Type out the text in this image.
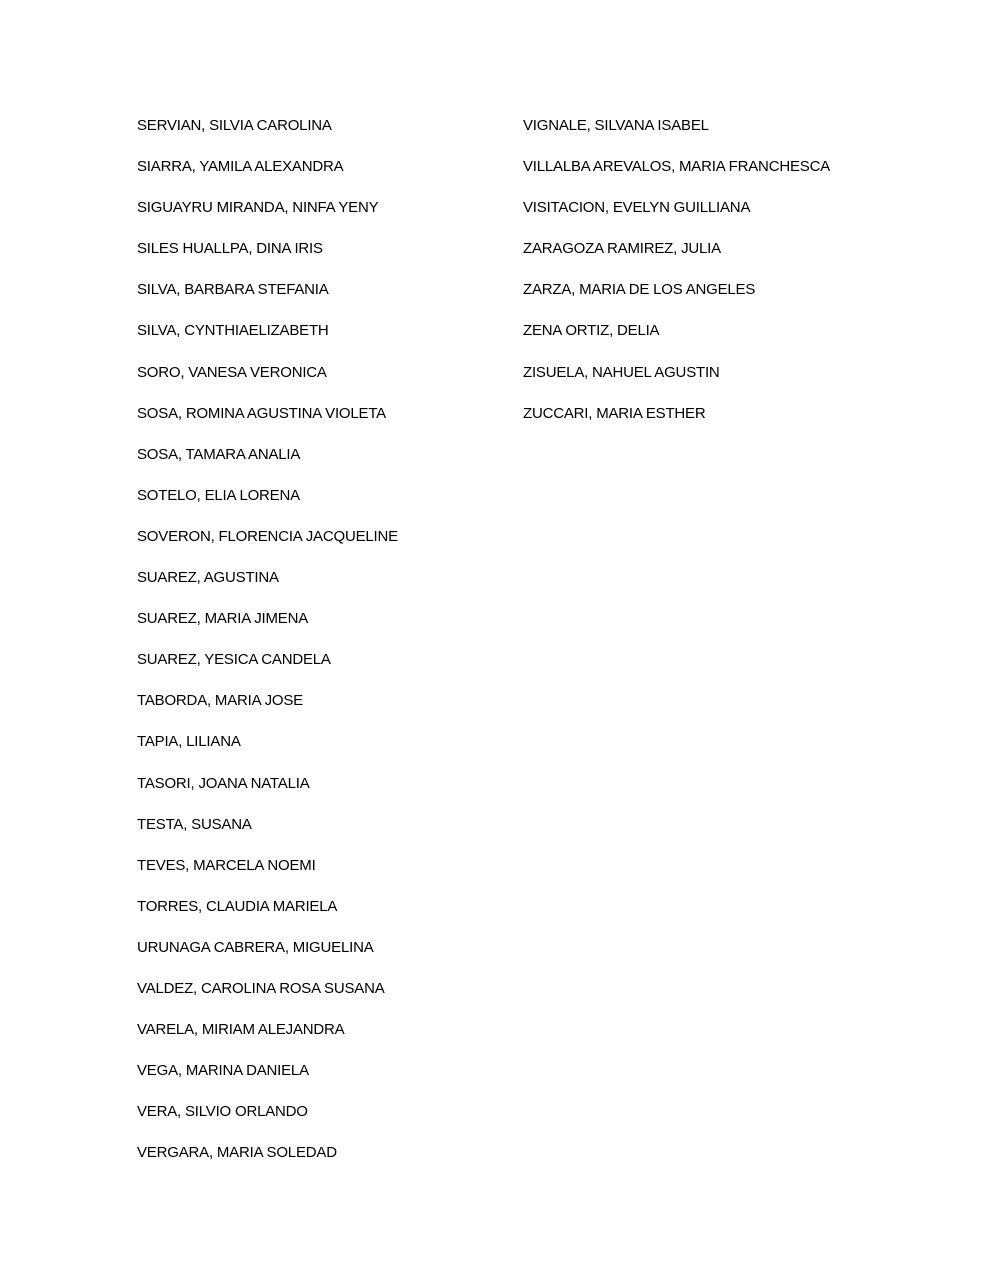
SERVIAN, SILVIA CAROLINA
SIARRA, YAMILA ALEXANDRA
SIGUAYRU MIRANDA, NINFA YENY
SILES HUALLPA, DINA IRIS
SILVA, BARBARA STEFANIA
SILVA, CYNTHIAELIZABETH
SORO, VANESA VERONICA
SOSA, ROMINA AGUSTINA VIOLETA
SOSA, TAMARA ANALIA
SOTELO, ELIA LORENA
SOVERON, FLORENCIA JACQUELINE
SUAREZ, AGUSTINA
SUAREZ, MARIA JIMENA
SUAREZ, YESICA CANDELA
TABORDA, MARIA JOSE
TAPIA, LILIANA
TASORI, JOANA NATALIA
TESTA, SUSANA
TEVES, MARCELA NOEMI
TORRES, CLAUDIA MARIELA
URUNAGA CABRERA, MIGUELINA
VALDEZ, CAROLINA ROSA SUSANA
VARELA, MIRIAM ALEJANDRA
VEGA, MARINA DANIELA
VERA, SILVIO ORLANDO
VERGARA, MARIA SOLEDAD
VIGNALE, SILVANA ISABEL
VILLALBA AREVALOS, MARIA FRANCHESCA
VISITACION, EVELYN GUILLIANA
ZARAGOZA RAMIREZ, JULIA
ZARZA, MARIA DE LOS ANGELES
ZENA ORTIZ, DELIA
ZISUELA, NAHUEL AGUSTIN
ZUCCARI, MARIA ESTHER
